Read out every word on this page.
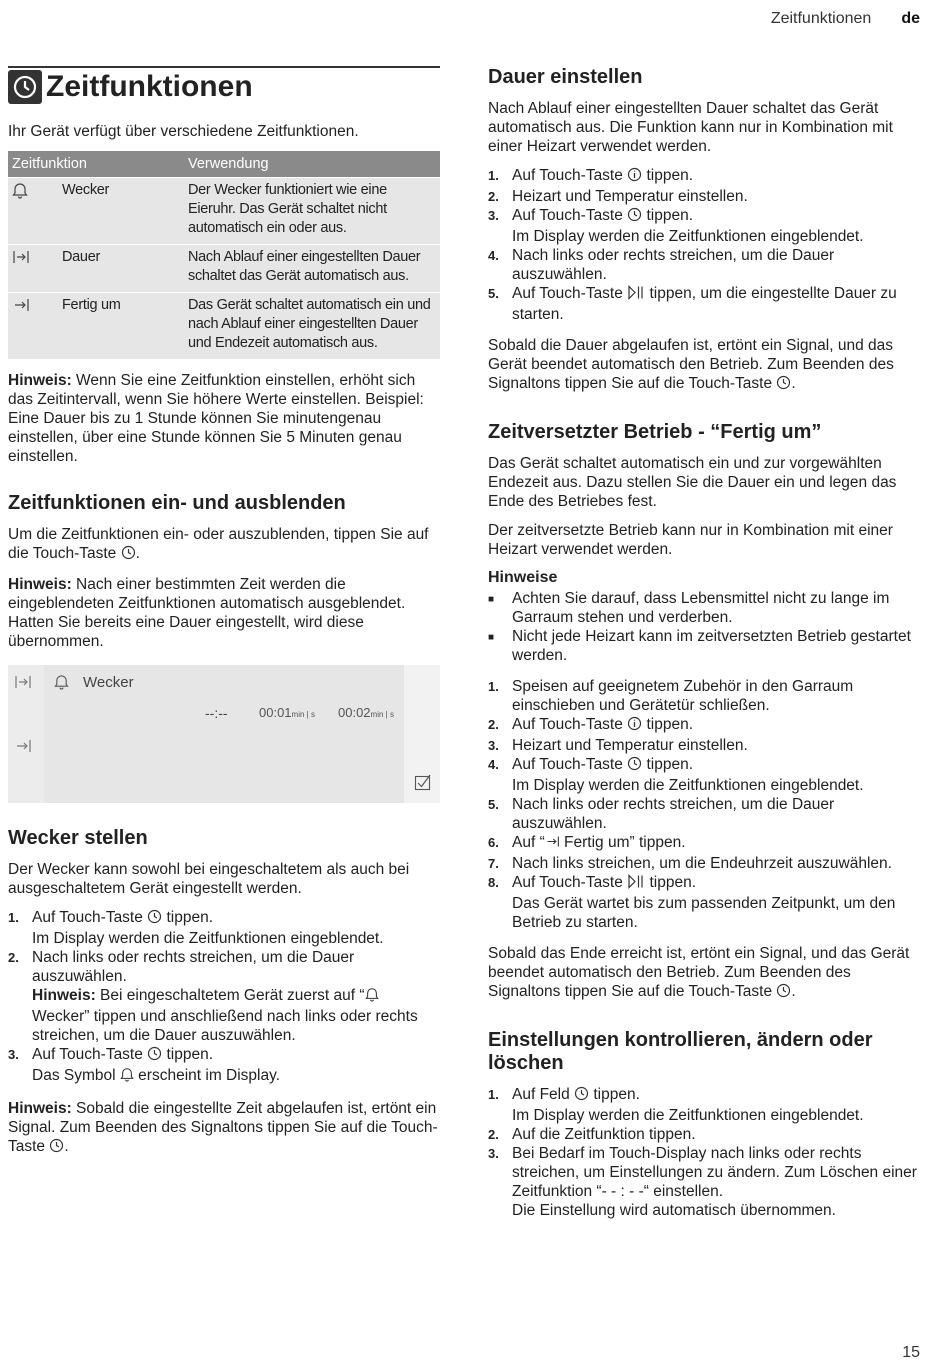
Zeitfunktionen de
Zeitfunktionen

Ihr Gerät verfügt über verschiedene Zeitfunktionen.

Zeitfunktion	Verwendung
Wecker	Der Wecker funktioniert wie eine Eieruhr. Das Gerät schaltet nicht automatisch ein oder aus.
Dauer	Nach Ablauf einer eingestellten Dauer schaltet das Gerät automatisch aus.
Fertig um	Das Gerät schaltet automatisch ein und nach Ablauf einer eingestellten Dauer und Endezeit automatisch aus.

Hinweis: Wenn Sie eine Zeitfunktion einstellen, erhöht sich das Zeitintervall, wenn Sie höhere Werte einstellen. Beispiel: Eine Dauer bis zu 1 Stunde können Sie minutengenau einstellen, über eine Stunde können Sie 5 Minuten genau einstellen.

Zeitfunktionen ein- und ausblenden

Um die Zeitfunktionen ein- oder auszublenden, tippen Sie auf die Touch-Taste .

Hinweis: Nach einer bestimmten Zeit werden die eingeblendeten Zeitfunktionen automatisch ausgeblendet. Hatten Sie bereits eine Dauer eingestellt, wird diese übernommen.

Wecker
--:-- 00:01min | s 00:02min | s
Wecker stellen

Der Wecker kann sowohl bei eingeschaltetem als auch bei ausgeschaltetem Gerät eingestellt werden.

1. Auf Touch-Taste  tippen.
Im Display werden die Zeitfunktionen eingeblendet.
2. Nach links oder rechts streichen, um die Dauer auszuwählen.
Hinweis: Bei eingeschaltetem Gerät zuerst auf “ Wecker” tippen und anschließend nach links oder rechts streichen, um die Dauer auszuwählen.
3. Auf Touch-Taste  tippen.
Das Symbol  erscheint im Display.

Hinweis: Sobald die eingestellte Zeit abgelaufen ist, ertönt ein Signal. Zum Beenden des Signaltons tippen Sie auf die Touch-Taste .

Dauer einstellen

Nach Ablauf einer eingestellten Dauer schaltet das Gerät automatisch aus. Die Funktion kann nur in Kombination mit einer Heizart verwendet werden.

1. Auf Touch-Taste  tippen.
2. Heizart und Temperatur einstellen.
3. Auf Touch-Taste  tippen.
Im Display werden die Zeitfunktionen eingeblendet.
4. Nach links oder rechts streichen, um die Dauer auszuwählen.
5. Auf Touch-Taste  tippen, um die eingestellte Dauer zu starten.

Sobald die Dauer abgelaufen ist, ertönt ein Signal, und das Gerät beendet automatisch den Betrieb. Zum Beenden des Signaltons tippen Sie auf die Touch-Taste .

Zeitversetzter Betrieb - “Fertig um”

Das Gerät schaltet automatisch ein und zur vorgewählten Endezeit aus. Dazu stellen Sie die Dauer ein und legen das Ende des Betriebes fest.

Der zeitversetzte Betrieb kann nur in Kombination mit einer Heizart verwendet werden.

Hinweise
■	Achten Sie darauf, dass Lebensmittel nicht zu lange im Garraum stehen und verderben.
■	Nicht jede Heizart kann im zeitversetzten Betrieb gestartet werden.
1. Speisen auf geeignetem Zubehör in den Garraum einschieben und Gerätetür schließen.
2. Auf Touch-Taste  tippen.
3. Heizart und Temperatur einstellen.
4. Auf Touch-Taste  tippen.
Im Display werden die Zeitfunktionen eingeblendet.
5. Nach links oder rechts streichen, um die Dauer auszuwählen.
6. Auf “ Fertig um” tippen.
7. Nach links streichen, um die Endeuhrzeit auszuwählen.
8. Auf Touch-Taste  tippen.
Das Gerät wartet bis zum passenden Zeitpunkt, um den Betrieb zu starten.

Sobald das Ende erreicht ist, ertönt ein Signal, und das Gerät beendet automatisch den Betrieb. Zum Beenden des Signaltons tippen Sie auf die Touch-Taste .

Einstellungen kontrollieren, ändern oder löschen
1. Auf Feld  tippen.
Im Display werden die Zeitfunktionen eingeblendet.
2. Auf die Zeitfunktion tippen.
3. Bei Bedarf im Touch-Display nach links oder rechts streichen, um Einstellungen zu ändern. Zum Löschen einer Zeitfunktion “- - : - -“ einstellen.
Die Einstellung wird automatisch übernommen.
15
